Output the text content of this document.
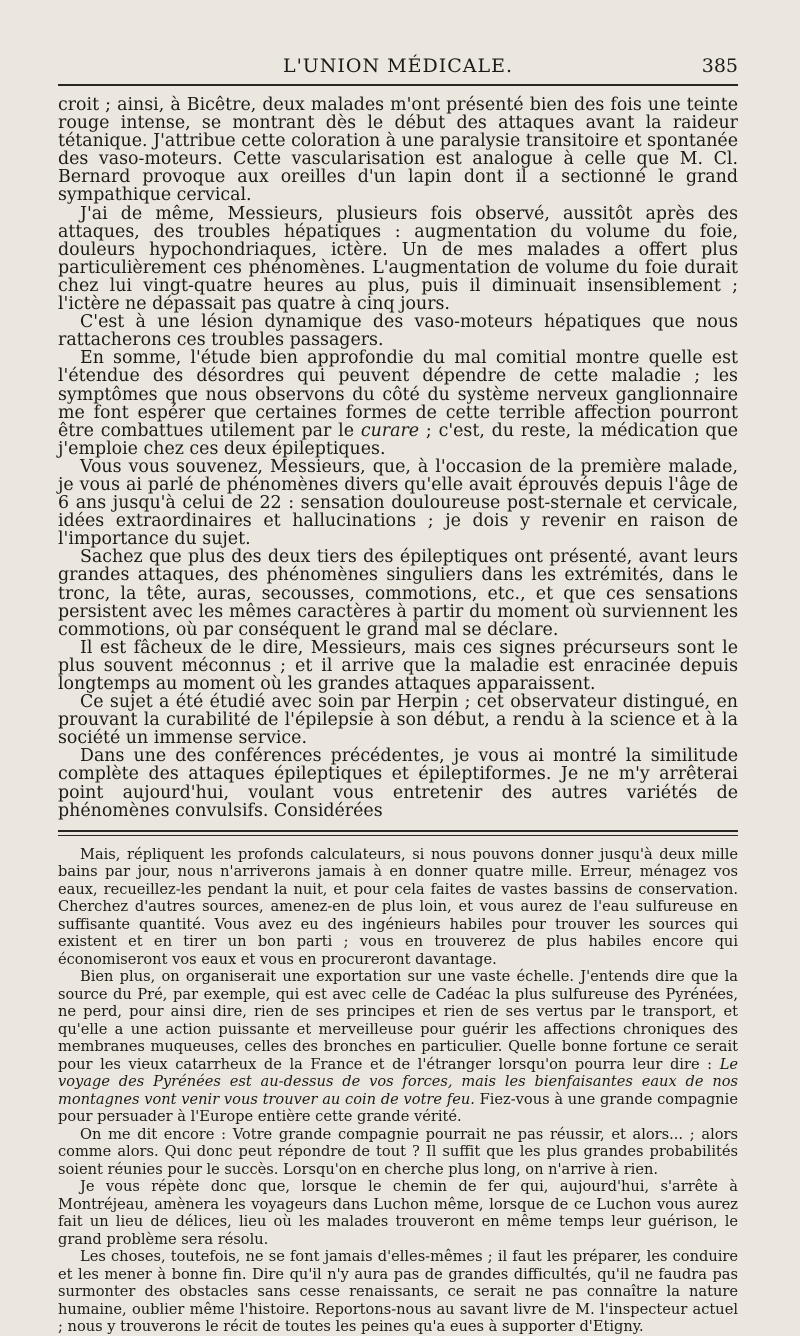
L'UNION MÉDICALE.	385

croit ; ainsi, à Bicêtre, deux malades m'ont présenté bien des fois une teinte rouge intense, se montrant dès le début des attaques avant la raideur tétanique. J'attribue cette coloration à une paralysie transitoire et spontanée des vaso-moteurs. Cette vascularisation est analogue à celle que M. Cl. Bernard provoque aux oreilles d'un lapin dont il a sectionné le grand sympathique cervical.

J'ai de même, Messieurs, plusieurs fois observé, aussitôt après des attaques, des troubles hépatiques : augmentation du volume du foie, douleurs hypochondriaques, ictère. Un de mes malades a offert plus particulièrement ces phénomènes. L'augmentation de volume du foie durait chez lui vingt-quatre heures au plus, puis il diminuait insensiblement ; l'ictère ne dépassait pas quatre à cinq jours.

C'est à une lésion dynamique des vaso-moteurs hépatiques que nous rattacherons ces troubles passagers.

En somme, l'étude bien approfondie du mal comitial montre quelle est l'étendue des désordres qui peuvent dépendre de cette maladie ; les symptômes que nous observons du côté du système nerveux ganglionnaire me font espérer que certaines formes de cette terrible affection pourront être combattues utilement par le curare ; c'est, du reste, la médication que j'emploie chez ces deux épileptiques.

Vous vous souvenez, Messieurs, que, à l'occasion de la première malade, je vous ai parlé de phénomènes divers qu'elle avait éprouvés depuis l'âge de 6 ans jusqu'à celui de 22 : sensation douloureuse post-sternale et cervicale, idées extraordinaires et hallucinations ; je dois y revenir en raison de l'importance du sujet.

Sachez que plus des deux tiers des épileptiques ont présenté, avant leurs grandes attaques, des phénomènes singuliers dans les extrémités, dans le tronc, la tête, auras, secousses, commotions, etc., et que ces sensations persistent avec les mêmes caractères à partir du moment où surviennent les commotions, où par conséquent le grand mal se déclare.

Il est fâcheux de le dire, Messieurs, mais ces signes précurseurs sont le plus souvent méconnus ; et il arrive que la maladie est enracinée depuis longtemps au moment où les grandes attaques apparaissent.

Ce sujet a été étudié avec soin par Herpin ; cet observateur distingué, en prouvant la curabilité de l'épilepsie à son début, a rendu à la science et à la société un immense service.

Dans une des conférences précédentes, je vous ai montré la similitude complète des attaques épileptiques et épileptiformes. Je ne m'y arrêterai point aujourd'hui, voulant vous entretenir des autres variétés de phénomènes convulsifs. Considérées

Mais, répliquent les profonds calculateurs, si nous pouvons donner jusqu'à deux mille bains par jour, nous n'arriverons jamais à en donner quatre mille. Erreur, ménagez vos eaux, recueillez-les pendant la nuit, et pour cela faites de vastes bassins de conservation. Cherchez d'autres sources, amenez-en de plus loin, et vous aurez de l'eau sulfureuse en suffisante quantité. Vous avez eu des ingénieurs habiles pour trouver les sources qui existent et en tirer un bon parti ; vous en trouverez de plus habiles encore qui économiseront vos eaux et vous en procureront davantage.

Bien plus, on organiserait une exportation sur une vaste échelle. J'entends dire que la source du Pré, par exemple, qui est avec celle de Cadéac la plus sulfureuse des Pyrénées, ne perd, pour ainsi dire, rien de ses principes et rien de ses vertus par le transport, et qu'elle a une action puissante et merveilleuse pour guérir les affections chroniques des membranes muqueuses, celles des bronches en particulier. Quelle bonne fortune ce serait pour les vieux catarrheux de la France et de l'étranger lorsqu'on pourra leur dire : Le voyage des Pyrénées est au-dessus de vos forces, mais les bienfaisantes eaux de nos montagnes vont venir vous trouver au coin de votre feu. Fiez-vous à une grande compagnie pour persuader à l'Europe entière cette grande vérité.

On me dit encore : Votre grande compagnie pourrait ne pas réussir, et alors... ; alors comme alors. Qui donc peut répondre de tout ? Il suffit que les plus grandes probabilités soient réunies pour le succès. Lorsqu'on en cherche plus long, on n'arrive à rien.

Je vous répète donc que, lorsque le chemin de fer qui, aujourd'hui, s'arrête à Montréjeau, amènera les voyageurs dans Luchon même, lorsque de ce Luchon vous aurez fait un lieu de délices, lieu où les malades trouveront en même temps leur guérison, le grand problème sera résolu.

Les choses, toutefois, ne se font jamais d'elles-mêmes ; il faut les préparer, les conduire et les mener à bonne fin. Dire qu'il n'y aura pas de grandes difficultés, qu'il ne faudra pas surmonter des obstacles sans cesse renaissants, ce serait ne pas connaître la nature humaine, oublier même l'histoire. Reportons-nous au savant livre de M. l'inspecteur actuel ; nous y trouverons le récit de toutes les peines qu'a eues à supporter d'Etigny.
